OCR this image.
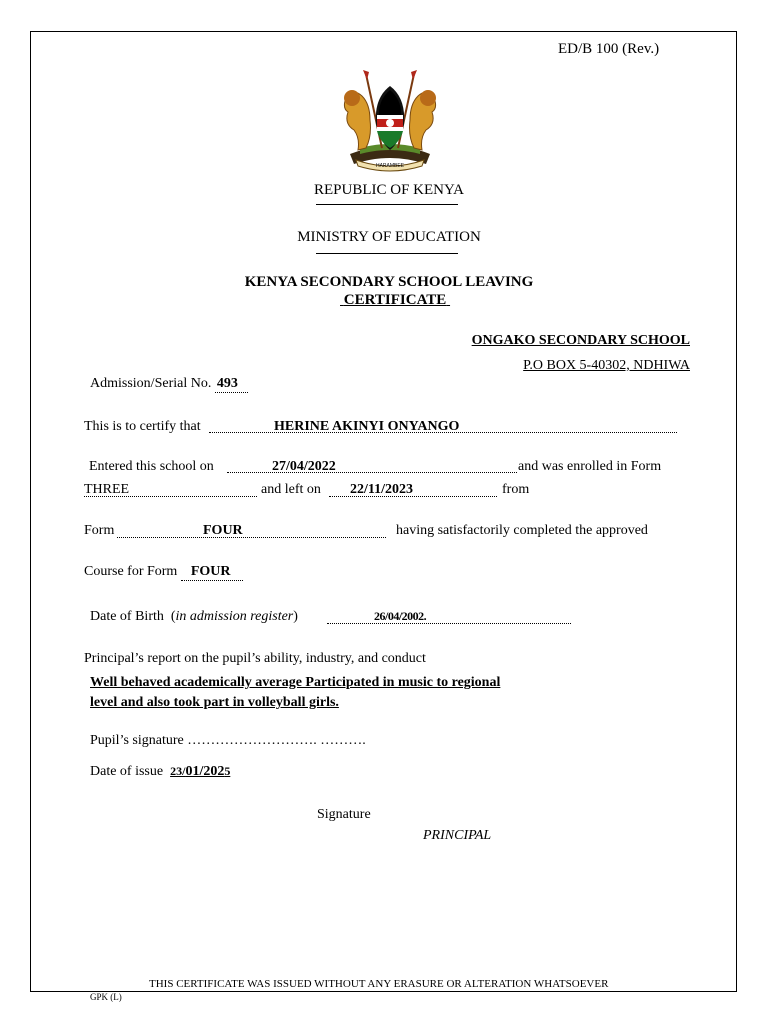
ED/B 100 (Rev.)
HARAMBEE
REPUBLIC OF KENYA
MINISTRY OF EDUCATION
KENYA SECONDARY SCHOOL LEAVING
CERTIFICATE
ONGAKO SECONDARY SCHOOL
P.O BOX 5-40302, NDHIWA
Admission/Serial No. 493
This is to certify that	HERINE AKINYI ONYANGO
Entered this school on	27/04/2022	and was enrolled in Form
THREE	and left on 22/11/2023	from
Form	FOUR	having satisfactorily completed the approved
Course for Form FOUR
Date of Birth (in admission register)	26/04/2002.
Principal’s report on the pupil’s ability, industry, and conduct
Well behaved academically average Participated in music to regional
level and also took part in volleyball girls.
Pupil’s signature ………………………. ……….
Date of issue 23/01/2025
Signature
PRINCIPAL
THIS CERTIFICATE WAS ISSUED WITHOUT ANY ERASURE OR ALTERATION WHATSOEVER
GPK (L)
